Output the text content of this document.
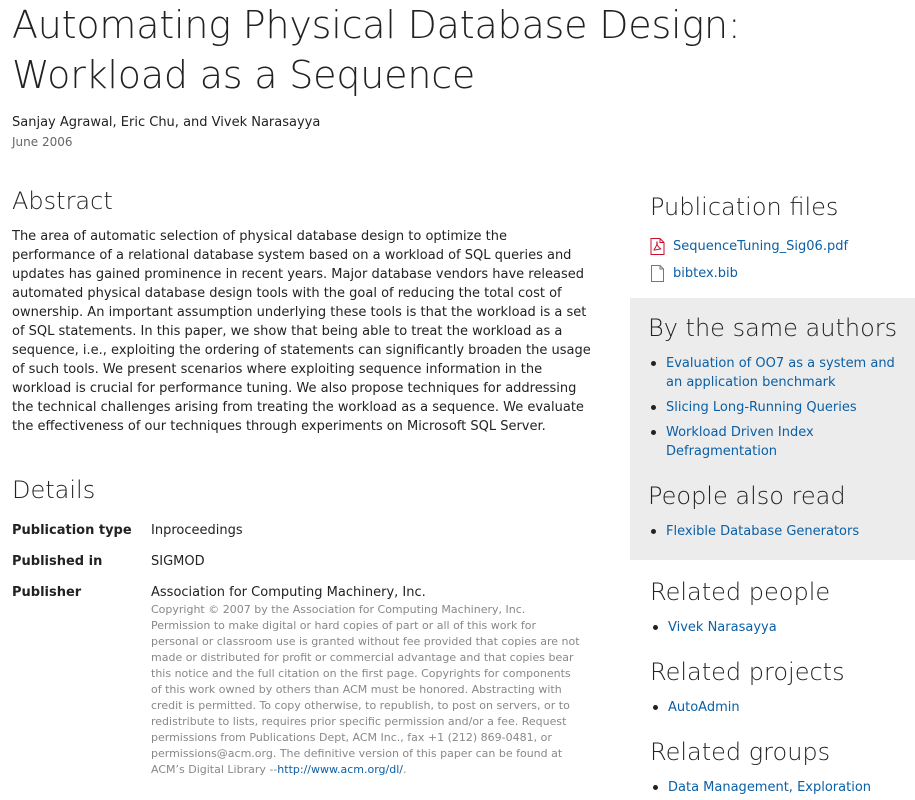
Automating Physical Database Design: Workload as a Sequence
Sanjay Agrawal, Eric Chu, and Vivek Narasayya
June 2006
Abstract

The area of automatic selection of physical database design to optimize the performance of a relational database system based on a workload of SQL queries and updates has gained prominence in recent years. Major database vendors have released automated physical database design tools with the goal of reducing the total cost of ownership. An important assumption underlying these tools is that the workload is a set of SQL statements. In this paper, we show that being able to treat the workload as a sequence, i.e., exploiting the ordering of statements can significantly broaden the usage of such tools. We present scenarios where exploiting sequence information in the workload is crucial for performance tuning. We also propose techniques for addressing the technical challenges arising from treating the workload as a sequence. We evaluate the effectiveness of our techniques through experiments on Microsoft SQL Server.

Details
Publication type	Inproceedings
Published in	SIGMOD
Publisher	Association for Computing Machinery, Inc.
Copyright © 2007 by the Association for Computing Machinery, Inc. Permission to make digital or hard copies of part or all of this work for personal or classroom use is granted without fee provided that copies are not made or distributed for profit or commercial advantage and that copies bear this notice and the full citation on the first page. Copyrights for components of this work owned by others than ACM must be honored. Abstracting with credit is permitted. To copy otherwise, to republish, to post on servers, or to redistribute to lists, requires prior specific permission and/or a fee. Request permissions from Publications Dept, ACM Inc., fax +1 (212) 869-0481, or permissions@acm.org. The definitive version of this paper can be found at ACM’s Digital Library --http://www.acm.org/dl/.
Publication files
SequenceTuning_Sig06.pdf
bibtex.bib
By the same authors
Evaluation of OO7 as a system and an application benchmark
Slicing Long-Running Queries
Workload Driven Index Defragmentation
People also read
Flexible Database Generators
Related people
Vivek Narasayya
Related projects
AutoAdmin
Related groups
Data Management, Exploration
